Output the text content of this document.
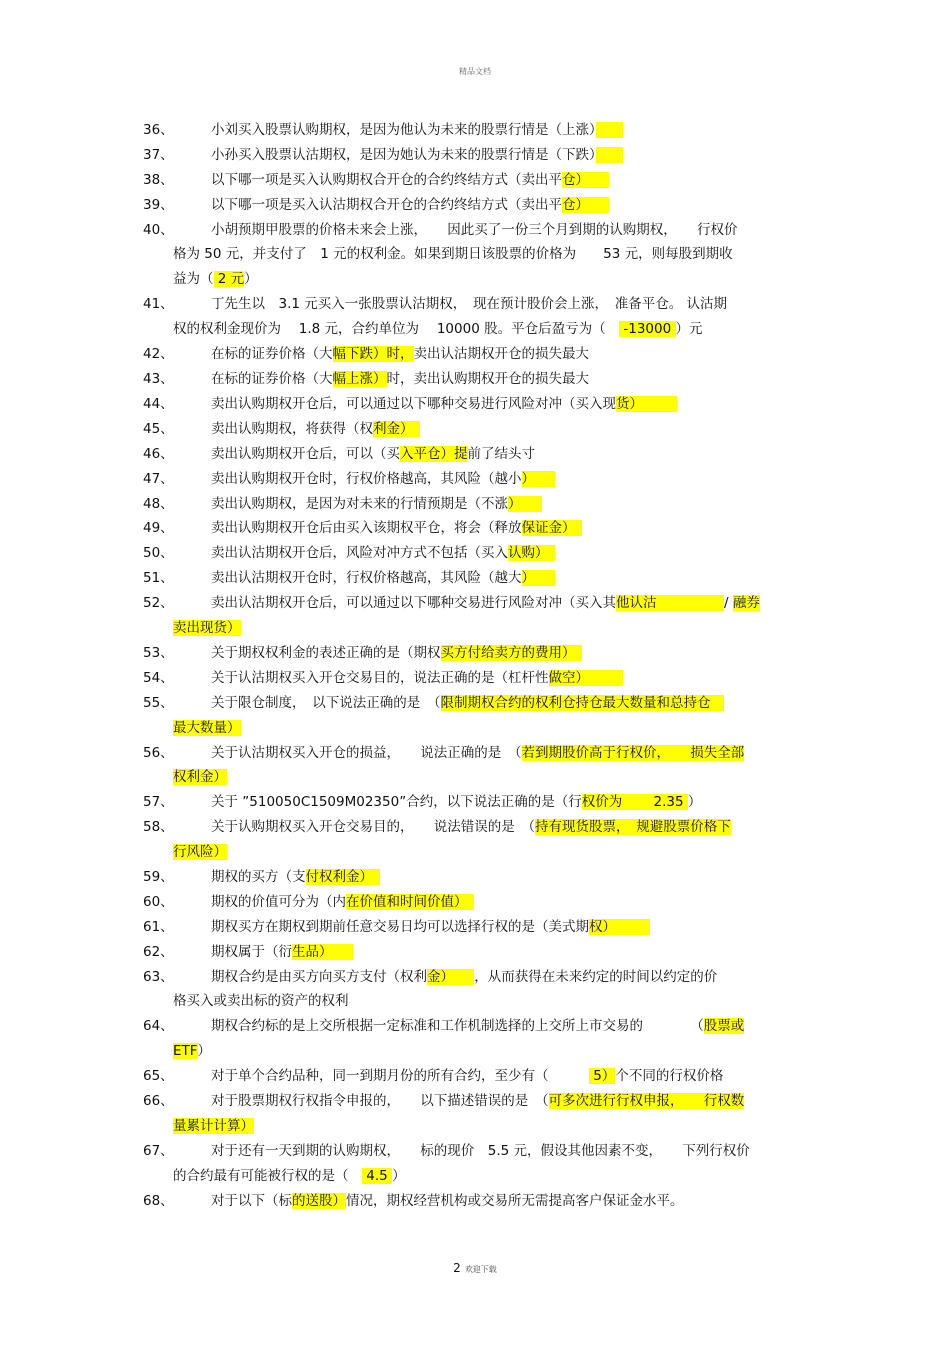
精品文档
36、	小刘买入股票认购期权，是因为他认为未来的股票行情是（上涨）　　
37、	小孙买入股票认沽期权，是因为她认为未来的股票行情是（下跌）　　
38、	以下哪一项是买入认购期权合开仓的合约终结方式（卖出平仓）　　
39、	以下哪一项是买入认沽期权合开仓的合约终结方式（卖出平仓）　　
40、	小胡预期甲股票的价格未来会上涨，　　因此买了一份三个月到期的认购期权，　　行权价
格为 50 元，并支付了　1 元的权利金。如果到期日该股票的价格为　　53 元，则每股到期收
益为（ 2 元）
41、	丁先生以　3.1 元买入一张股票认沽期权，　现在预计股价会上涨，　准备平仓。 认沽期
权的权利金现价为　 1.8 元，合约单位为　 10000 股。平仓后盈亏为（　 -13000 ）元
42、	在标的证券价格（大幅下跌）时，卖出认沽期权开仓的损失最大
43、	在标的证券价格（大幅上涨）时，卖出认购期权开仓的损失最大
44、	卖出认购期权开仓后，可以通过以下哪种交易进行风险对冲（买入现货）　　　
45、	卖出认购期权，将获得（权利金）　
46、	卖出认购期权开仓后，可以（买入平仓）提前了结头寸
47、	卖出认购期权开仓时，行权价格越高，其风险（越小）　　
48、	卖出认购期权，是因为对未来的行情预期是（不涨）　　
49、	卖出认购期权开仓后由买入该期权平仓，将会（释放保证金）　
50、	卖出认沽期权开仓后，风险对冲方式不包括（买入认购）　
51、	卖出认沽期权开仓时，行权价格越高，其风险（越大）　　
52、	卖出认沽期权开仓后，可以通过以下哪种交易进行风险对冲（买入其他认沽　　　　　/ 融券
卖出现货）
53、	关于期权权利金的表述正确的是（期权买方付给卖方的费用）　
54、	关于认沽期权买入开仓交易目的，说法正确的是（杠杆性做空）　　　
55、	关于限仓制度，　以下说法正确的是　（限制期权合约的权利仓持仓最大数量和总持仓　
最大数量）
56、	关于认沽期权买入开仓的损益，　　说法正确的是　（若到期股价高于行权价，　　损失全部
权利金）
57、	关于 ”510050C1509M02350”合约，以下说法正确的是（行权价为　　 2.35 ）
58、	关于认购期权买入开仓交易目的，　　说法错误的是　（持有现货股票，　规避股票价格下
行风险）
59、	期权的买方（支付权利金）　
60、	期权的价值可分为（内在价值和时间价值）　
61、	期权买方在期权到期前任意交易日均可以选择行权的是（美式期权）　　　
62、	期权属于（衍生品）　　
63、	期权合约是由买方向买方支付（权利金）　　，从而获得在未来约定的时间以约定的价
格买入或卖出标的资产的权利
64、	期权合约标的是上交所根据一定标准和工作机制选择的上交所上市交易的　　　　（股票或
ETF）
65、	对于单个合约品种，同一到期月份的所有合约，至少有（　　　 5）个不同的行权价格
66、	对于股票期权行权指令申报的，　　以下描述错误的是　（可多次进行行权申报，　　行权数
量累计计算）
67、	对于还有一天到期的认购期权，　　标的现价　5.5 元，假设其他因素不变，　　下列行权价
的合约最有可能被行权的是（　 4.5 ）
68、	对于以下（标的送股）情况，期权经营机构或交易所无需提高客户保证金水平。
2 欢迎下载
